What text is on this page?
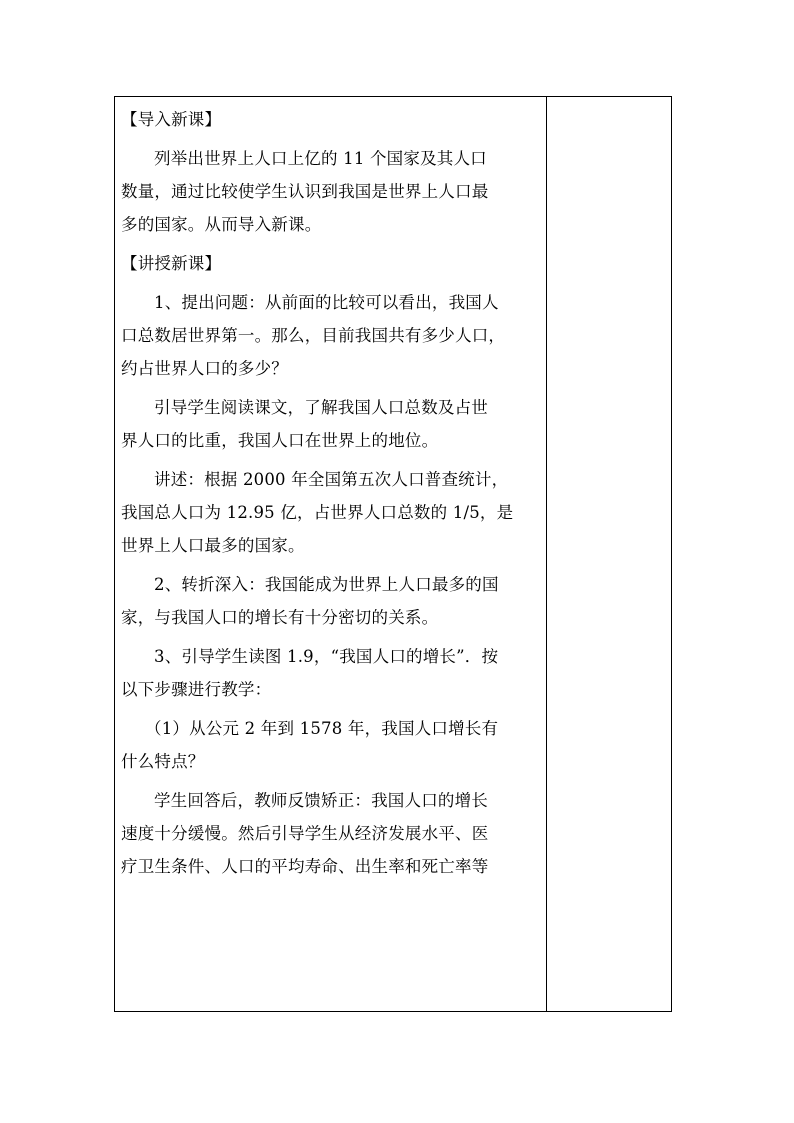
【导入新课】
列举出世界上人口上亿的 11 个国家及其人口
数量，通过比较使学生认识到我国是世界上人口最
多的国家。从而导入新课。
【讲授新课】
1、提出问题：从前面的比较可以看出，我国人
口总数居世界第一。那么，目前我国共有多少人口，
约占世界人口的多少？
引导学生阅读课文，了解我国人口总数及占世
界人口的比重，我国人口在世界上的地位。
讲述：根据 2000 年全国第五次人口普查统计，
我国总人口为 12.95 亿，占世界人口总数的 1/5，是
世界上人口最多的国家。
2、转折深入：我国能成为世界上人口最多的国
家，与我国人口的增长有十分密切的关系。
3、引导学生读图 1.9，“我国人口的增长”．按
以下步骤进行教学：
（1）从公元 2 年到 1578 年，我国人口增长有
什么特点？
学生回答后，教师反馈矫正：我国人口的增长
速度十分缓慢。然后引导学生从经济发展水平、医
疗卫生条件、人口的平均寿命、出生率和死亡率等
